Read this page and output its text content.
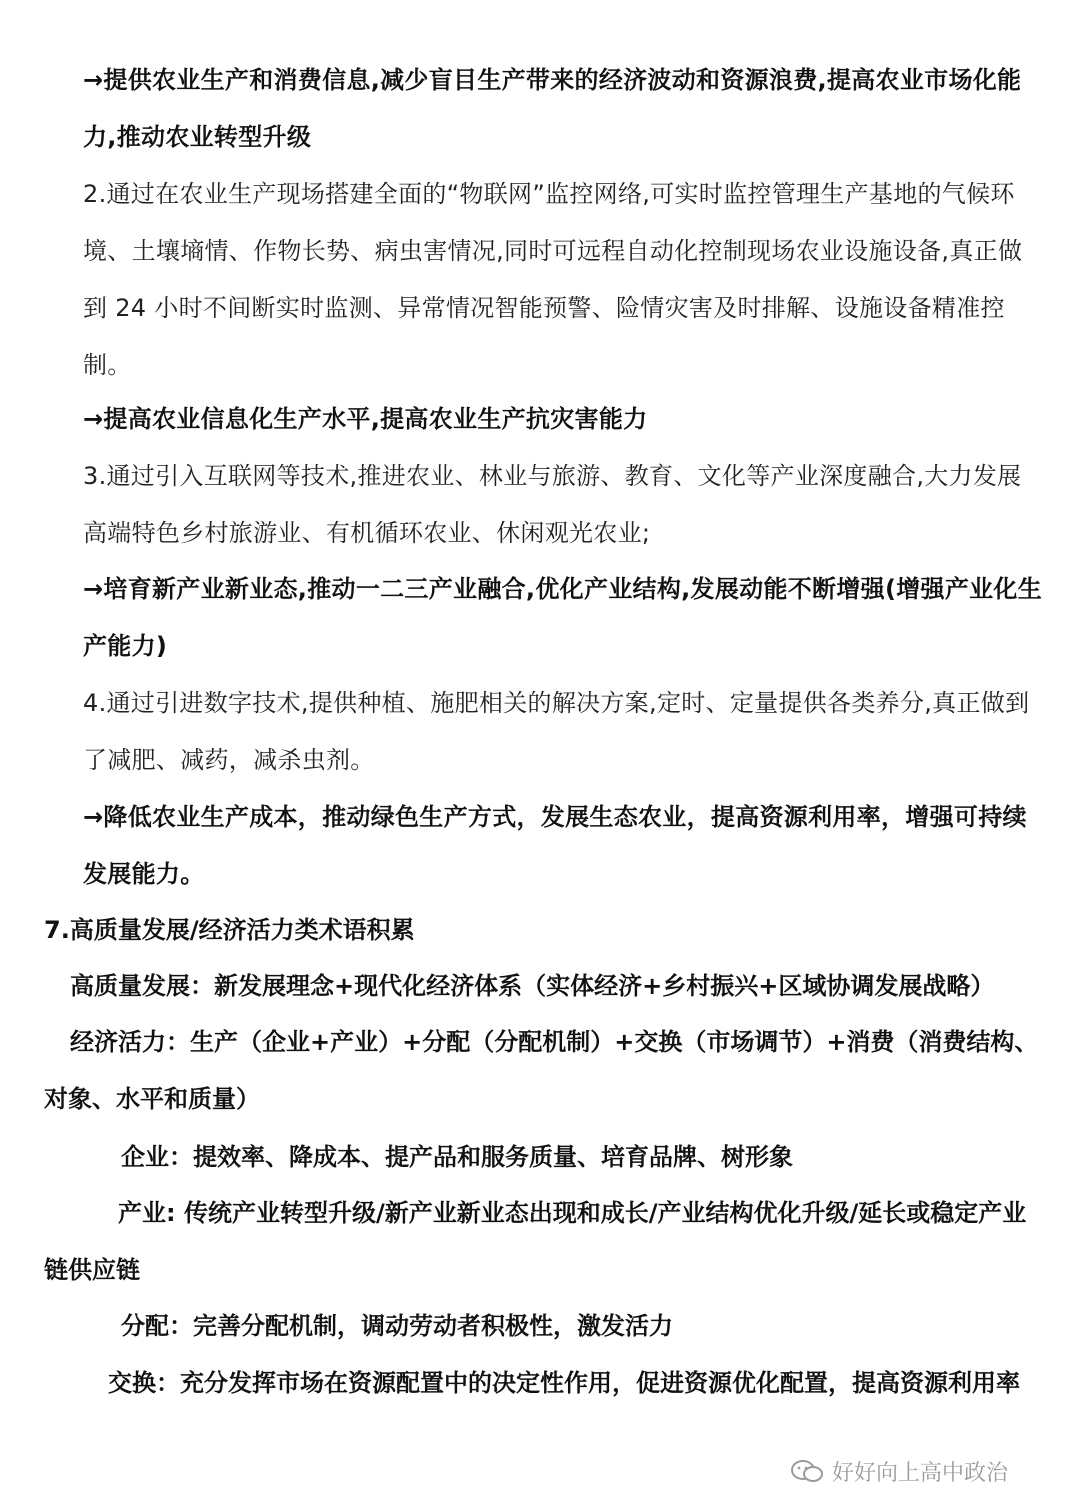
→提供农业生产和消费信息,减少盲目生产带来的经济波动和资源浪费,提高农业市场化能力,推动农业转型升级

2.通过在农业生产现场搭建全面的“物联网”监控网络,可实时监控管理生产基地的气候环境、土壤墒情、作物长势、病虫害情况,同时可远程自动化控制现场农业设施设备,真正做到 24 小时不间断实时监测、异常情况智能预警、险情灾害及时排解、设施设备精准控制。

→提高农业信息化生产水平,提高农业生产抗灾害能力

3.通过引入互联网等技术,推进农业、林业与旅游、教育、文化等产业深度融合,大力发展高端特色乡村旅游业、有机循环农业、休闲观光农业;

→培育新产业新业态,推动一二三产业融合,优化产业结构,发展动能不断增强(增强产业化生产能力)

4.通过引进数字技术,提供种植、施肥相关的解决方案,定时、定量提供各类养分,真正做到了减肥、减药，减杀虫剂。

→降低农业生产成本，推动绿色生产方式，发展生态农业，提高资源利用率，增强可持续发展能力。

7.高质量发展/经济活力类术语积累

高质量发展：新发展理念+现代化经济体系（实体经济+乡村振兴+区域协调发展战略）

经济活力：生产（企业+产业）+分配（分配机制）+交换（市场调节）+消费（消费结构、对象、水平和质量）

企业：提效率、降成本、提产品和服务质量、培育品牌、树形象

产业: 传统产业转型升级/新产业新业态出现和成长/产业结构优化升级/延长或稳定产业链供应链

分配：完善分配机制，调动劳动者积极性，激发活力

交换：充分发挥市场在资源配置中的决定性作用，促进资源优化配置，提高资源利用率

好好向上高中政治
